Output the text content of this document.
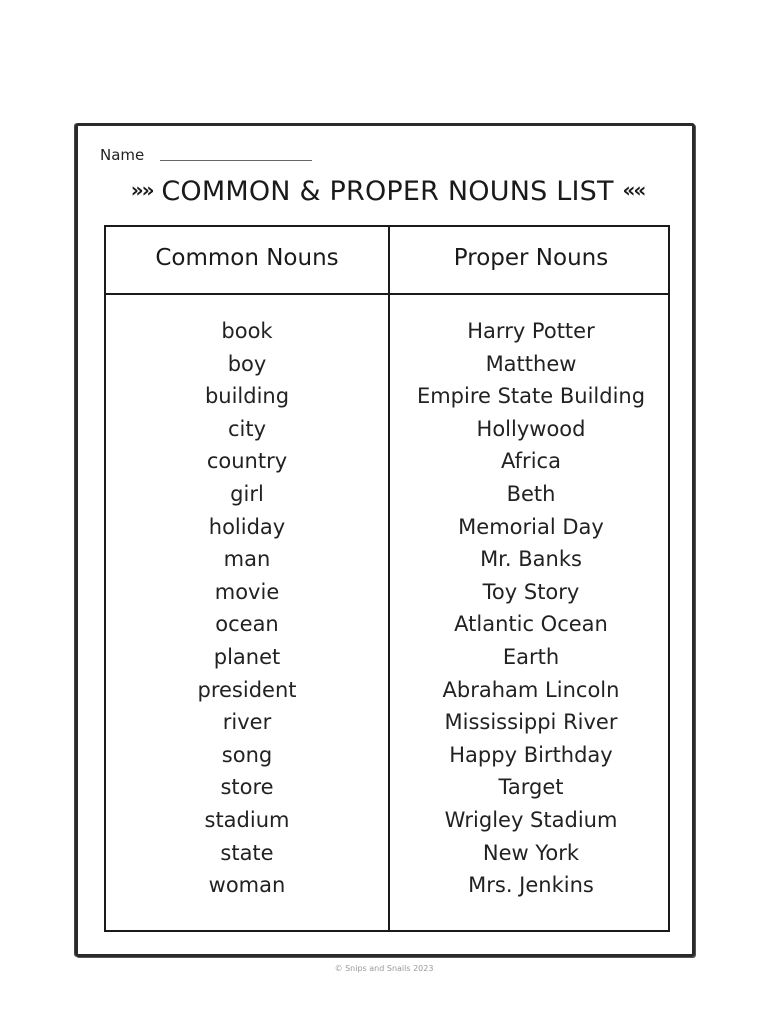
Name
»» COMMON & PROPER NOUNS LIST ««
Common Nouns	Proper Nouns
book
boy
building
city
country
girl
holiday
man
movie
ocean
planet
president
river
song
store
stadium
state
woman
Harry Potter
Matthew
Empire State Building
Hollywood
Africa
Beth
Memorial Day
Mr. Banks
Toy Story
Atlantic Ocean
Earth
Abraham Lincoln
Mississippi River
Happy Birthday
Target
Wrigley Stadium
New York
Mrs. Jenkins
© Snips and Snails 2023
